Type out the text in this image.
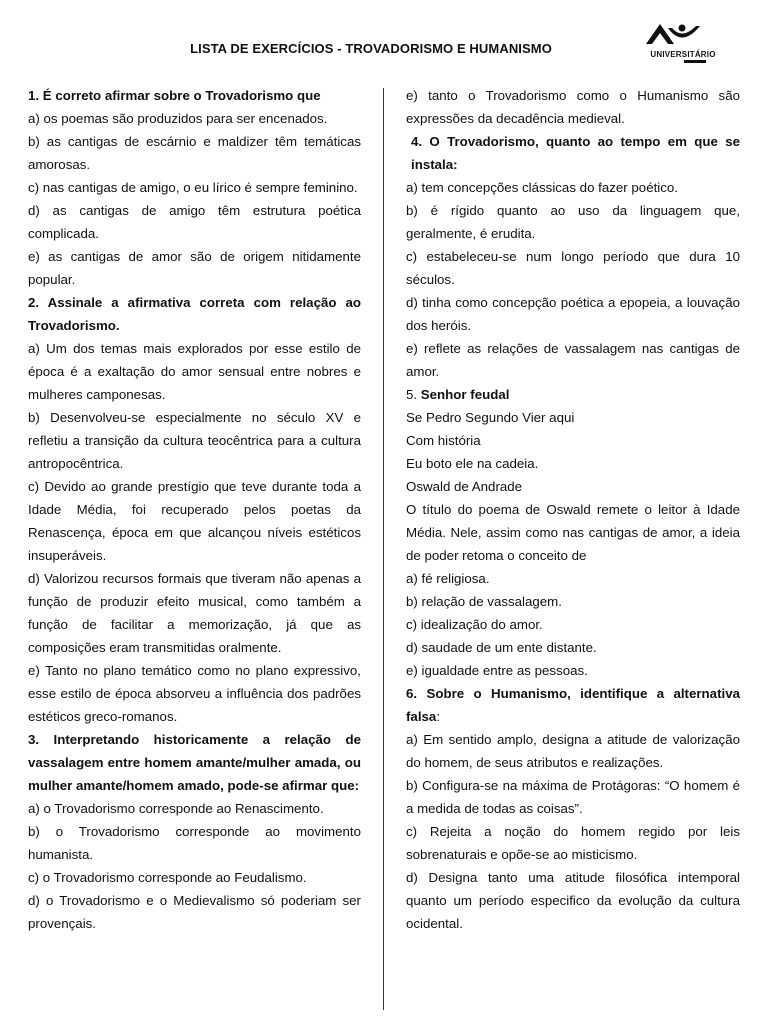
LISTA DE EXERCÍCIOS - TROVADORISMO E HUMANISMO	UNIVERSITÁRIO

1. É correto afirmar sobre o Trovadorismo que

a) os poemas são produzidos para ser encenados.

b) as cantigas de escárnio e maldizer têm temáticas amorosas.

c) nas cantigas de amigo, o eu lírico é sempre feminino.

d) as cantigas de amigo têm estrutura poética complicada.

e) as cantigas de amor são de origem nitidamente popular.

2. Assinale a afirmativa correta com relação ao Trovadorismo.

a) Um dos temas mais explorados por esse estilo de época é a exaltação do amor sensual entre nobres e mulheres camponesas.

b) Desenvolveu-se especialmente no século XV e refletiu a transição da cultura teocêntrica para a cultura antropocêntrica.

c) Devido ao grande prestígio que teve durante toda a Idade Média, foi recuperado pelos poetas da Renascença, época em que alcançou níveis estéticos insuperáveis.

d) Valorizou recursos formais que tiveram não apenas a função de produzir efeito musical, como também a função de facilitar a memorização, já que as composições eram transmitidas oralmente.

e) Tanto no plano temático como no plano expressivo, esse estilo de época absorveu a influência dos padrões estéticos greco-romanos.

3. Interpretando historicamente a relação de vassalagem entre homem amante/mulher amada, ou mulher amante/homem amado, pode-se afirmar que:

a) o Trovadorismo corresponde ao Renascimento.

b) o Trovadorismo corresponde ao movimento humanista.

c) o Trovadorismo corresponde ao Feudalismo.

d) o Trovadorismo e o Medievalismo só poderiam ser provençais.

e) tanto o Trovadorismo como o Humanismo são expressões da decadência medieval.

4. O Trovadorismo, quanto ao tempo em que se instala:

a) tem concepções clássicas do fazer poético.

b) é rígido quanto ao uso da linguagem que, geralmente, é erudita.

c) estabeleceu-se num longo período que dura 10 séculos.

d) tinha como concepção poética a epopeia, a louvação dos heróis.

e) reflete as relações de vassalagem nas cantigas de amor.

5. Senhor feudal

Se Pedro Segundo Vier aqui

Com história

Eu boto ele na cadeia.

Oswald de Andrade

O título do poema de Oswald remete o leitor à Idade Média. Nele, assim como nas cantigas de amor, a ideia de poder retoma o conceito de

a) fé religiosa.

b) relação de vassalagem.

c) idealização do amor.

d) saudade de um ente distante.

e) igualdade entre as pessoas.

6. Sobre o Humanismo, identifique a alternativa falsa:

a) Em sentido amplo, designa a atitude de valorização do homem, de seus atributos e realizações.

b) Configura-se na máxima de Protágoras: “O homem é a medida de todas as coisas”.

c) Rejeita a noção do homem regido por leis sobrenaturais e opõe-se ao misticismo.

d) Designa tanto uma atitude filosófica intemporal quanto um período especifico da evolução da cultura ocidental.
